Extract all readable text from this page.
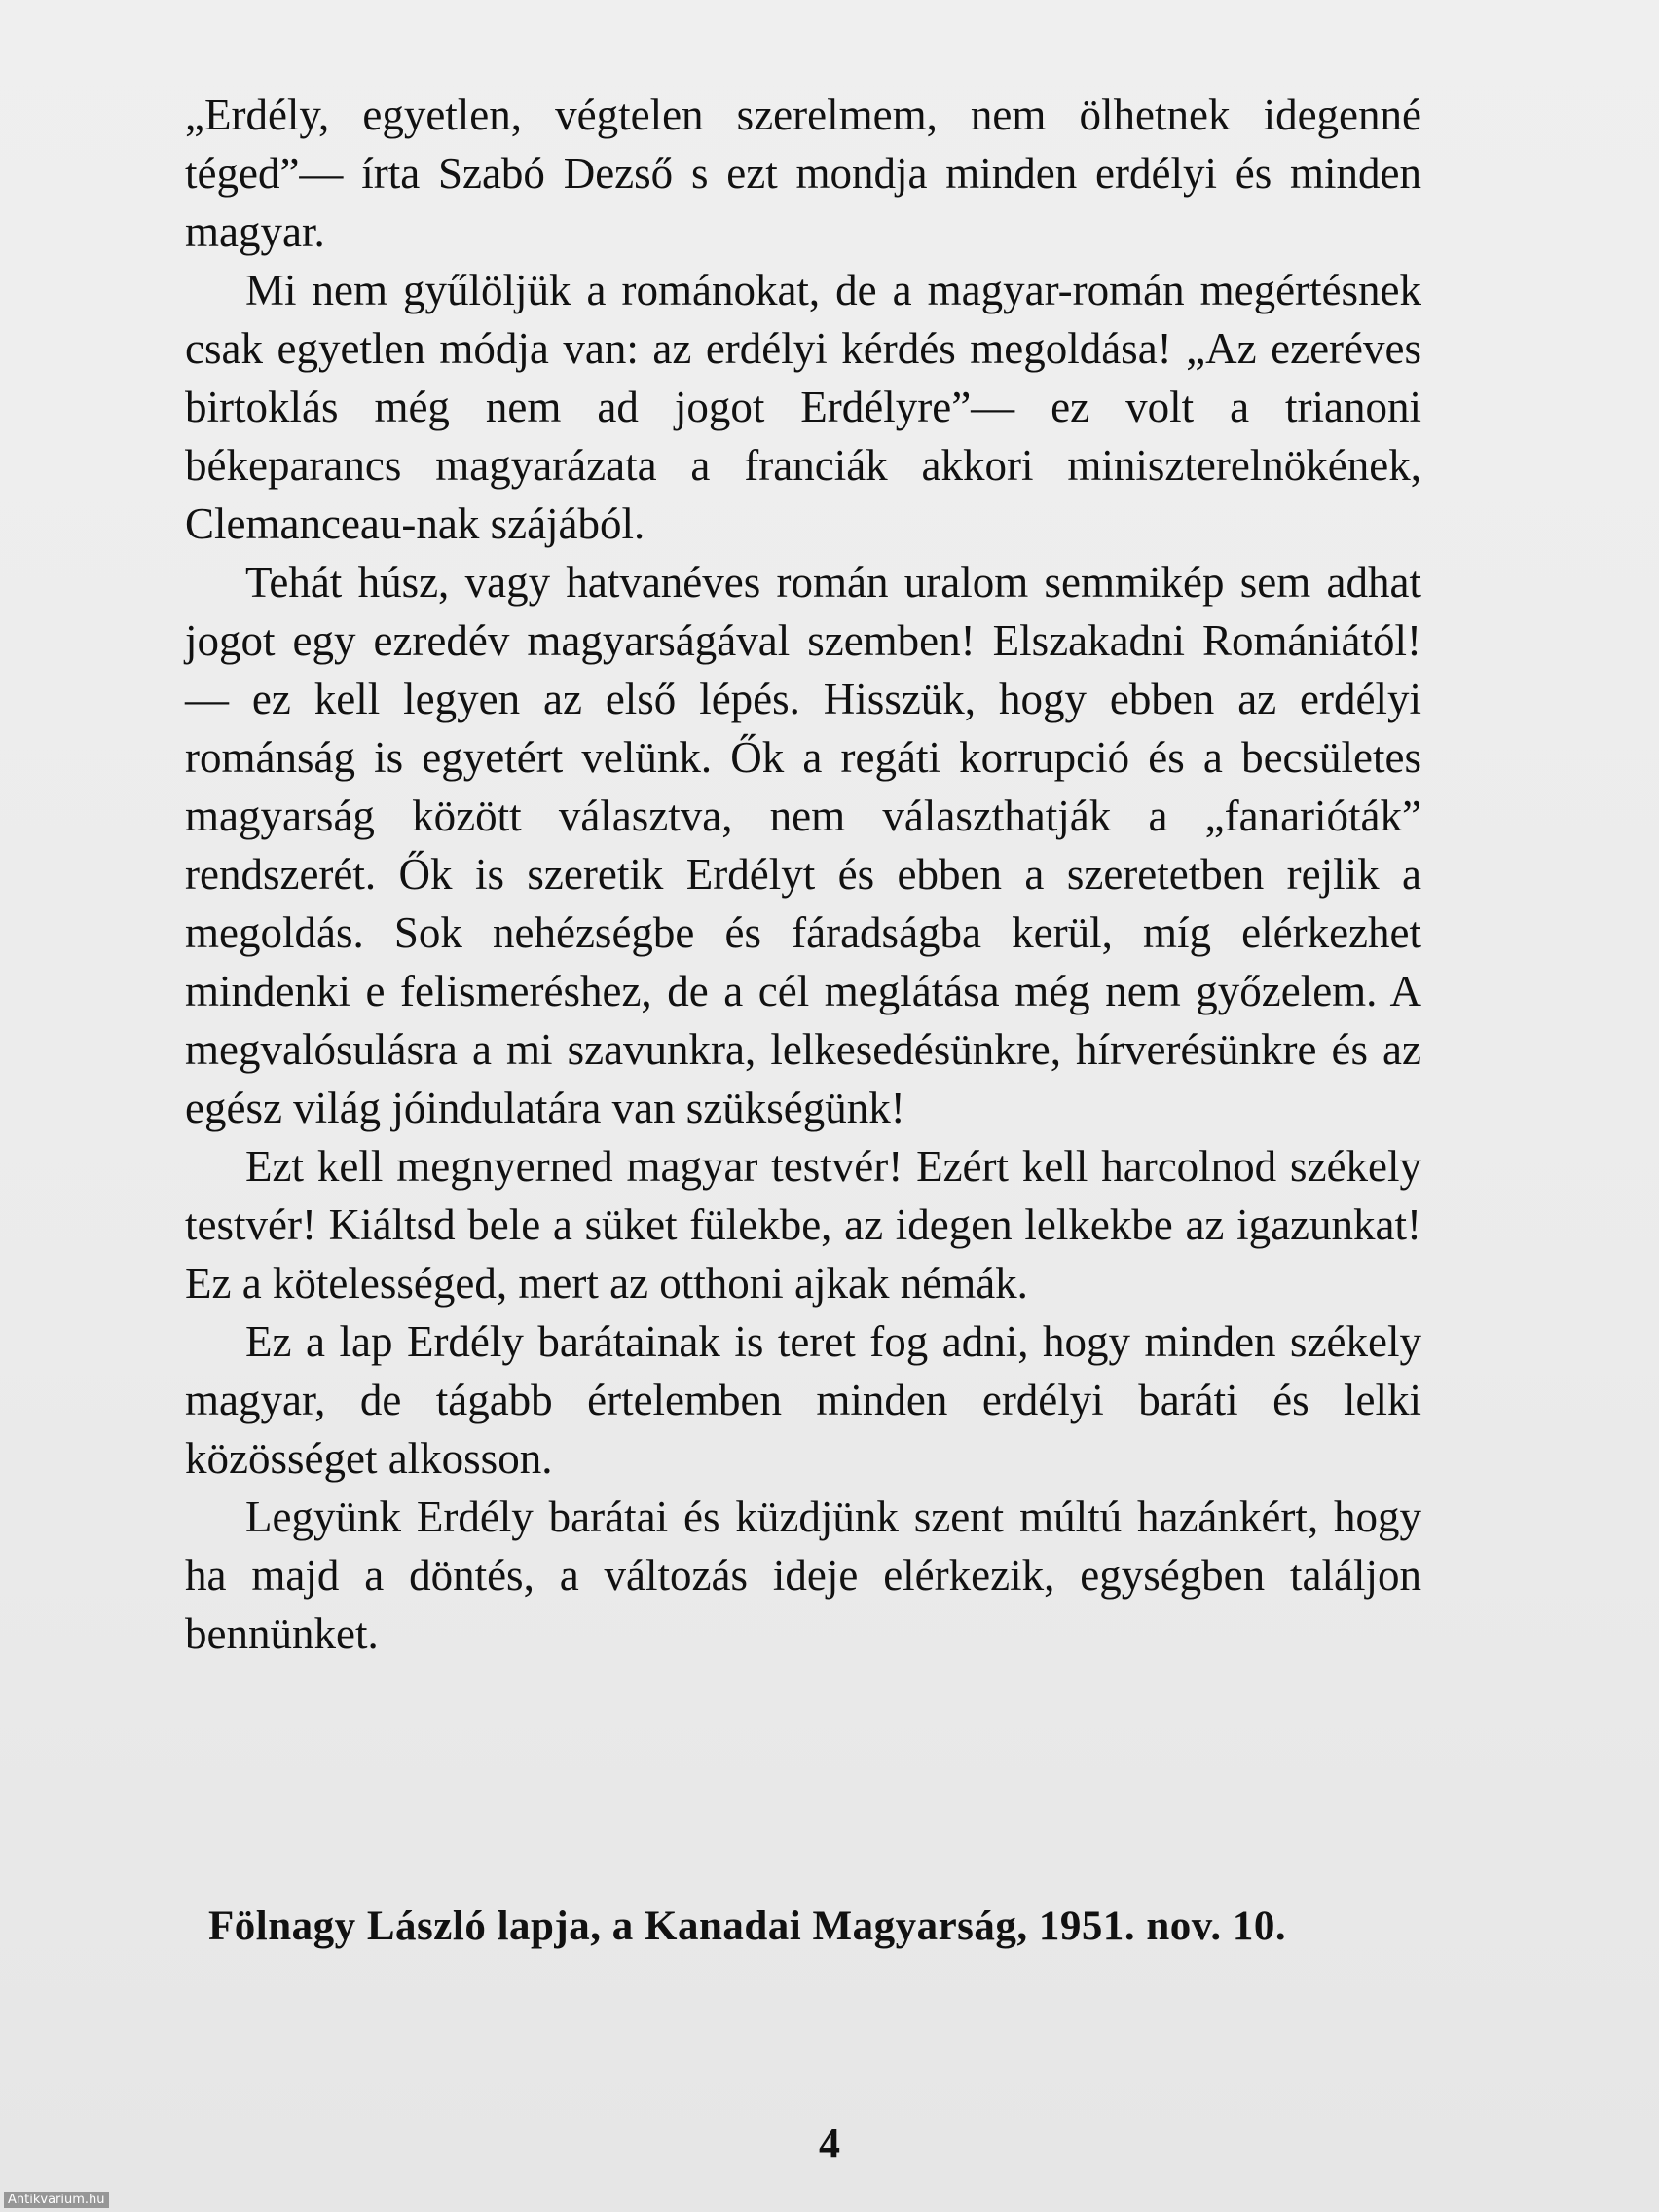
„Erdély, egyetlen, végtelen szerelmem, nem ölhetnek idegenné téged”— írta Szabó Dezső s ezt mondja minden erdélyi és minden magyar.

Mi nem gyűlöljük a románokat, de a magyar-román megértésnek csak egyetlen módja van: az erdélyi kérdés megoldása! „Az ezeréves birtoklás még nem ad jogot Erdélyre”— ez volt a trianoni békeparancs magyarázata a franciák akkori miniszterelnökének, Clemanceau-nak szájából.

Tehát húsz, vagy hatvanéves román uralom semmikép sem adhat jogot egy ezredév magyarságával szemben! Elszakadni Romániától! — ez kell legyen az első lépés. Hisszük, hogy ebben az erdélyi románság is egyetért velünk. Ők a regáti korrupció és a becsületes magyarság között választva, nem választhatják a „fanarióták” rendszerét. Ők is szeretik Erdélyt és ebben a szeretetben rejlik a megoldás. Sok nehézségbe és fáradságba kerül, míg elérkezhet mindenki e felismeréshez, de a cél meglátása még nem győzelem. A megvalósulásra a mi szavunkra, lelkesedésünkre, hírverésünkre és az egész világ jóindulatára van szükségünk!

Ezt kell megnyerned magyar testvér! Ezért kell harcolnod székely testvér! Kiáltsd bele a süket fülekbe, az idegen lelkekbe az igazunkat! Ez a kötelességed, mert az otthoni ajkak némák.

Ez a lap Erdély barátainak is teret fog adni, hogy minden székely magyar, de tágabb értelemben minden erdélyi baráti és lelki közösséget alkosson.

Legyünk Erdély barátai és küzdjünk szent múltú hazánkért, hogy ha majd a döntés, a változás ideje elérkezik, egységben találjon bennünket.

Fölnagy László lapja, a Kanadai Magyarság, 1951. nov. 10.
4
Antikvarium.hu
